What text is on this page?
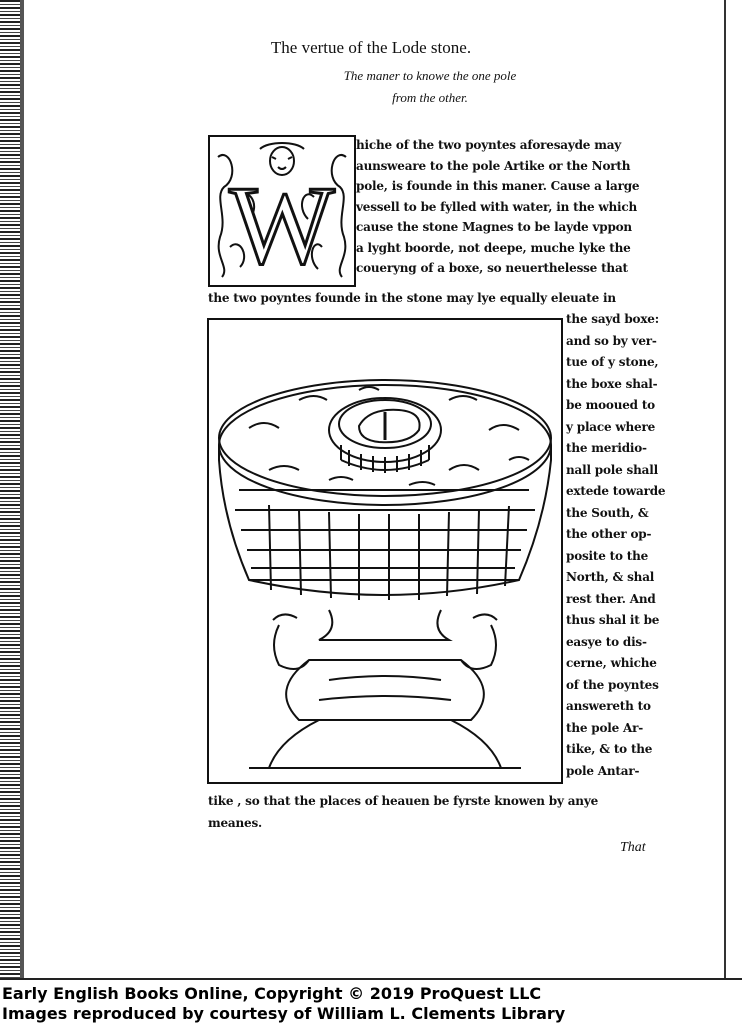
The vertue of the Lode stone.
The maner to knowe the one pole
from the other.
W
hiche of the two poyntes aforesayde may
aunsweare to the pole Artike or the North
pole, is founde in this maner. Cause a large
vessell to be fylled with water, in the which
cause the stone Magnes to be layde vppon
a lyght boorde, not deepe, muche lyke the
coueryng of a boxe, so neuerthelesse that
the two poyntes founde in the stone may lye equally eleuate in
the sayd boxe:
and so by ver-
tue of y stone,
the boxe shal-
be mooued to
y place where
the meridio-
nall pole shall
extede towarde
the South, &
the other op-
posite to the
North, & shal
rest ther. And
thus shal it be
easye to dis-
cerne, whiche
of the poyntes
answereth to
the pole Ar-
tike, & to the
pole Antar-
tike , so that the places of heauen be fyrste knowen by anye
meanes.
That
Early English Books Online, Copyright © 2019 ProQuest LLC
Images reproduced by courtesy of William L. Clements Library
